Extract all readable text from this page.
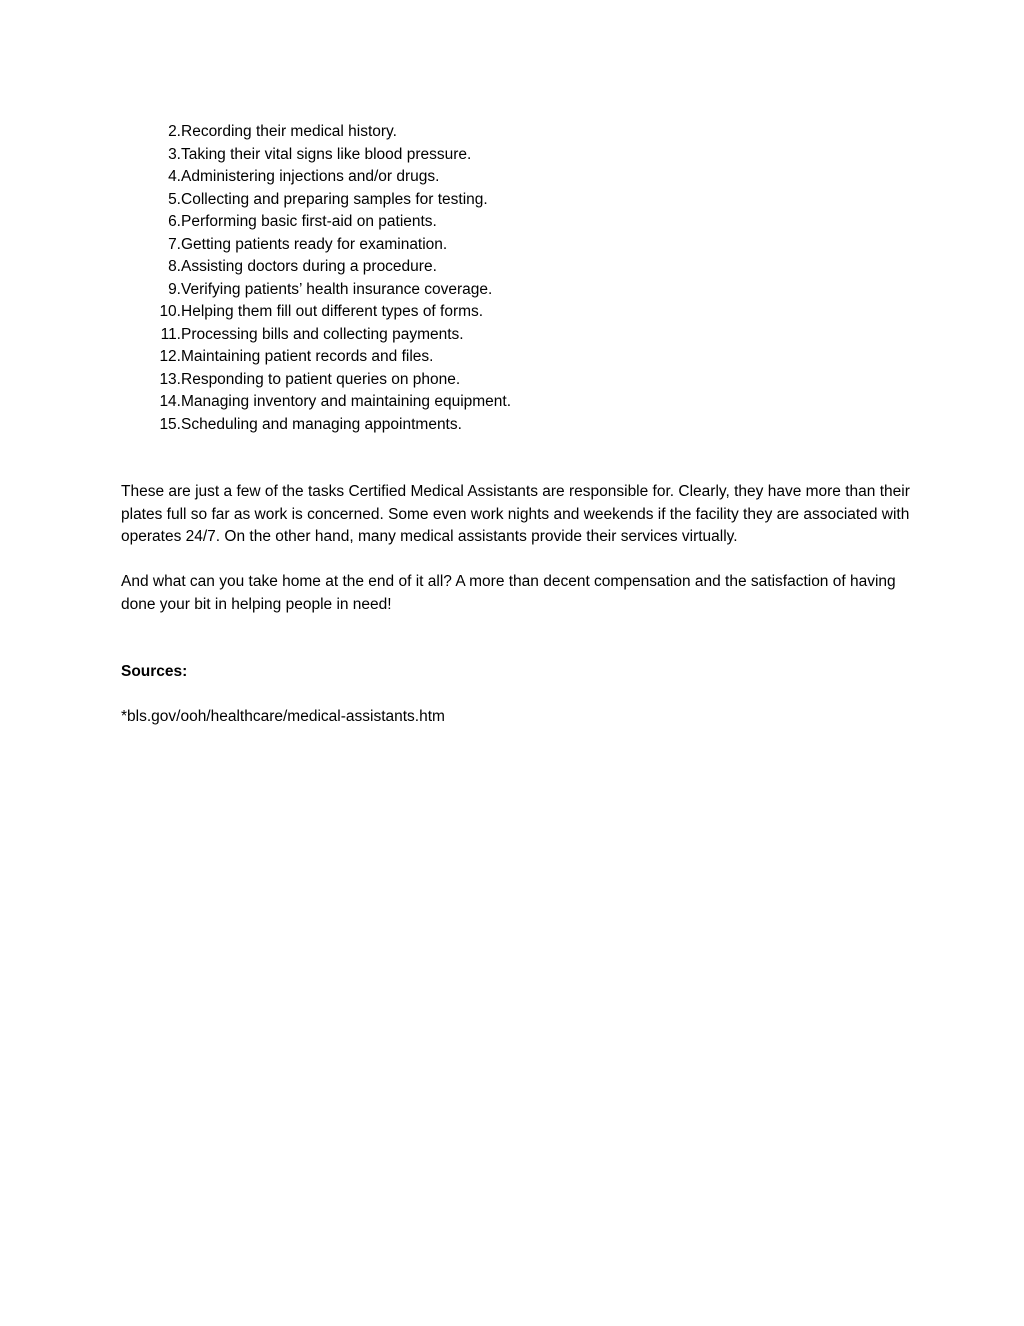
2. Recording their medical history.
3. Taking their vital signs like blood pressure.
4. Administering injections and/or drugs.
5. Collecting and preparing samples for testing.
6. Performing basic first-aid on patients.
7. Getting patients ready for examination.
8. Assisting doctors during a procedure.
9. Verifying patients’ health insurance coverage.
10. Helping them fill out different types of forms.
11. Processing bills and collecting payments.
12. Maintaining patient records and files.
13. Responding to patient queries on phone.
14. Managing inventory and maintaining equipment.
15. Scheduling and managing appointments.

These are just a few of the tasks Certified Medical Assistants are responsible for. Clearly, they have more than their plates full so far as work is concerned. Some even work nights and weekends if the facility they are associated with operates 24/7. On the other hand, many medical assistants provide their services virtually.

And what can you take home at the end of it all? A more than decent compensation and the satisfaction of having done your bit in helping people in need!

Sources:

*bls.gov/ooh/healthcare/medical-assistants.htm
